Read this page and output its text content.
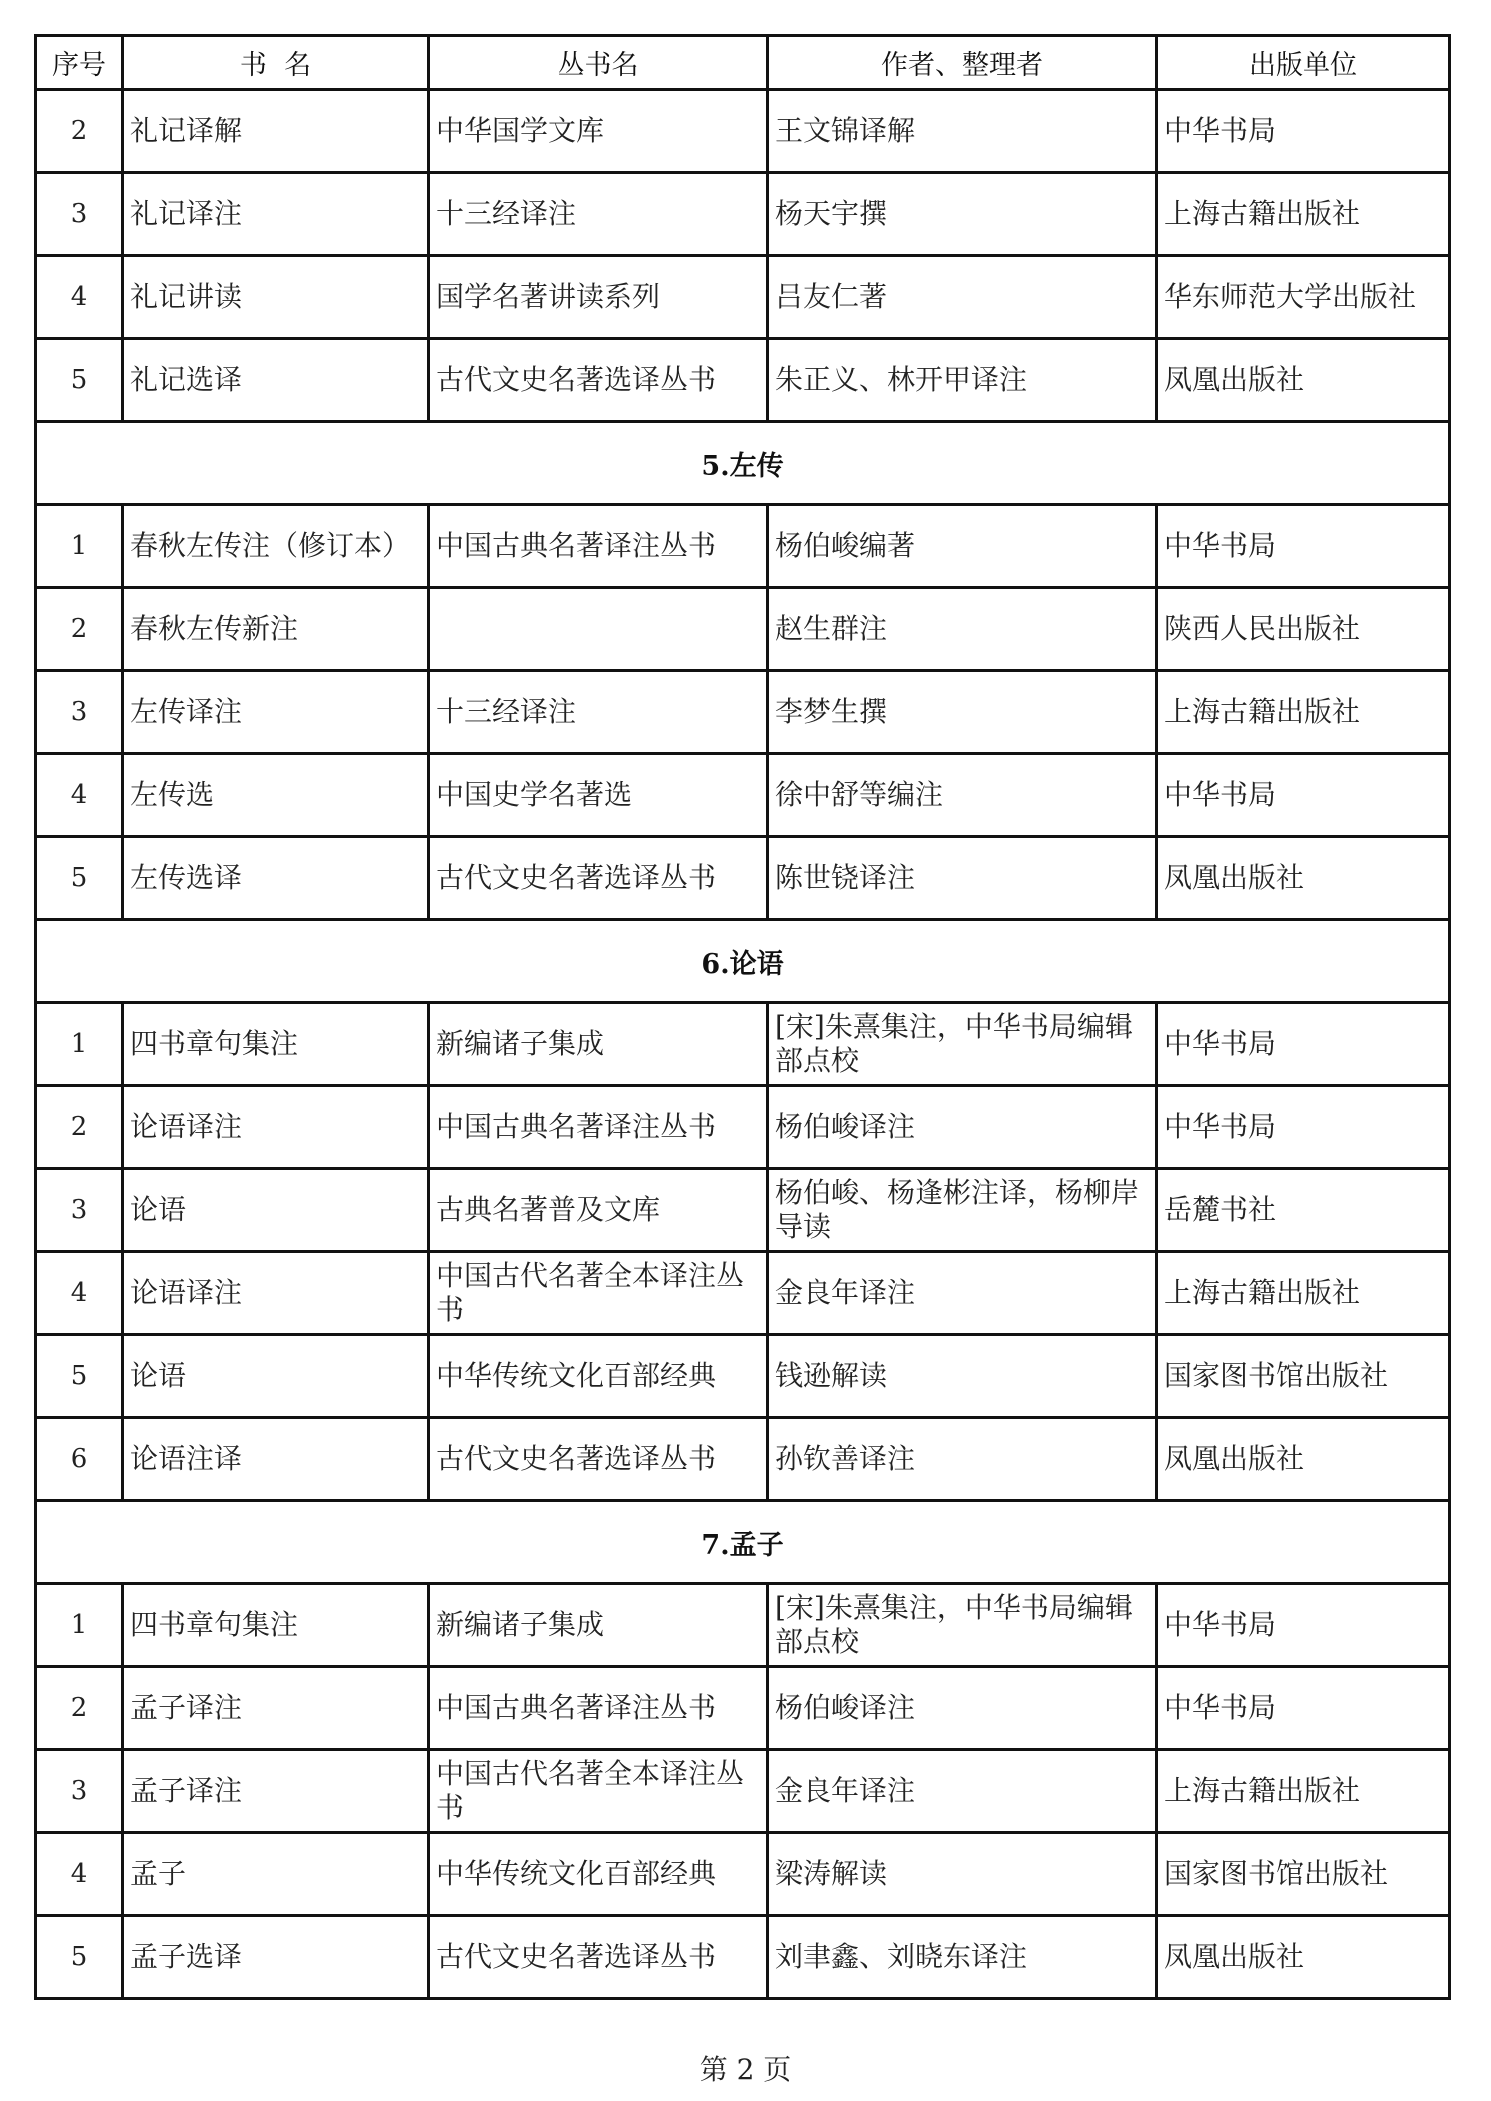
序号	书  名	丛书名	作者、整理者	出版单位
2	礼记译解	中华国学文库	王文锦译解	中华书局
3	礼记译注	十三经译注	杨天宇撰	上海古籍出版社
4	礼记讲读	国学名著讲读系列	吕友仁著	华东师范大学出版社
5	礼记选译	古代文史名著选译丛书	朱正义、林开甲译注	凤凰出版社
5.左传				
1	春秋左传注（修订本）	中国古典名著译注丛书	杨伯峻编著	中华书局
2	春秋左传新注		赵生群注	陕西人民出版社
3	左传译注	十三经译注	李梦生撰	上海古籍出版社
4	左传选	中国史学名著选	徐中舒等编注	中华书局
5	左传选译	古代文史名著选译丛书	陈世铙译注	凤凰出版社
6.论语				
1	四书章句集注	新编诸子集成	[宋]朱熹集注，中华书局编辑部点校	中华书局
2	论语译注	中国古典名著译注丛书	杨伯峻译注	中华书局
3	论语	古典名著普及文库	杨伯峻、杨逢彬注译，杨柳岸导读	岳麓书社
4	论语译注	中国古代名著全本译注丛书	金良年译注	上海古籍出版社
5	论语	中华传统文化百部经典	钱逊解读	国家图书馆出版社
6	论语注译	古代文史名著选译丛书	孙钦善译注	凤凰出版社
7.孟子				
1	四书章句集注	新编诸子集成	[宋]朱熹集注，中华书局编辑部点校	中华书局
2	孟子译注	中国古典名著译注丛书	杨伯峻译注	中华书局
3	孟子译注	中国古代名著全本译注丛书	金良年译注	上海古籍出版社
4	孟子	中华传统文化百部经典	梁涛解读	国家图书馆出版社
5	孟子选译	古代文史名著选译丛书	刘聿鑫、刘晓东译注	凤凰出版社
第 2 页
